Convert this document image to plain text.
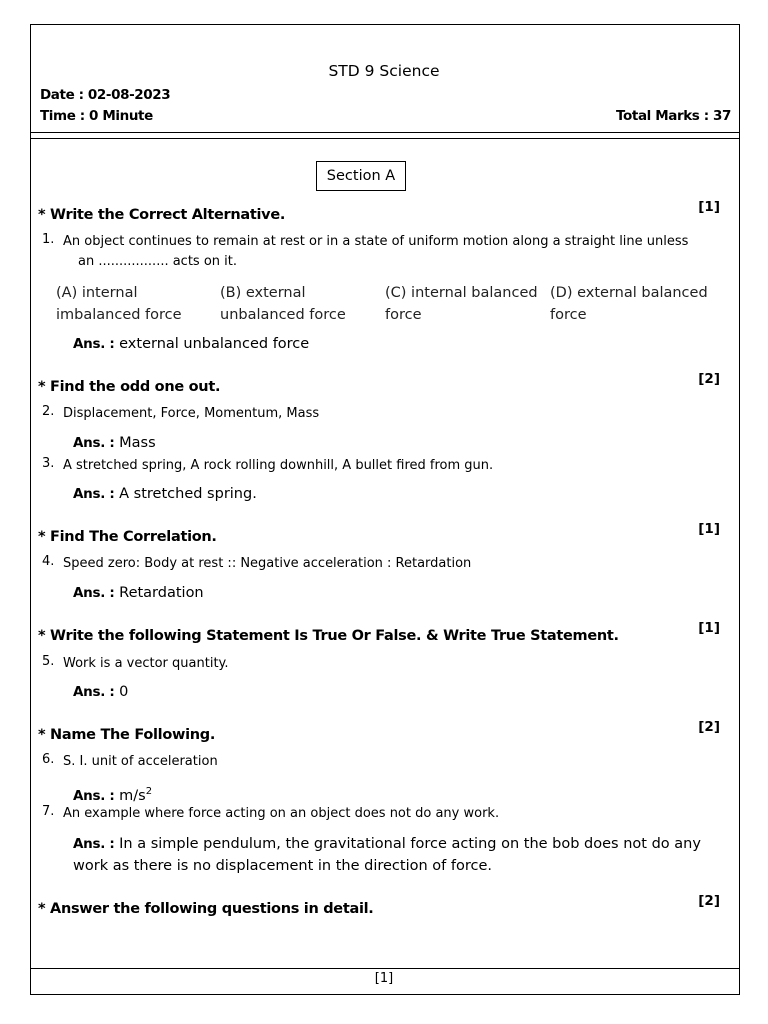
STD 9 Science
Date : 02-08-2023
Time : 0 Minute	Total Marks : 37
Section A
* Write the Correct Alternative.	[1]
1. An object continues to remain at rest or in a state of uniform motion along a straight line unless
an ................. acts on it.
(A) internal imbalanced force
(B) external unbalanced force
(C) internal balanced force
(D) external balanced force
Ans. : external unbalanced force
* Find the odd one out.	[2]
2. Displacement, Force, Momentum, Mass
Ans. : Mass
3. A stretched spring, A rock rolling downhill, A bullet fired from gun.
Ans. : A stretched spring.
* Find The Correlation.	[1]
4. Speed zero: Body at rest :: Negative acceleration : Retardation
Ans. : Retardation
* Write the following Statement Is True Or False. & Write True Statement.	[1]
5. Work is a vector quantity.
Ans. : 0
* Name The Following.	[2]
6. S. I. unit of acceleration
Ans. : $m/s^2$
7. An example where force acting on an object does not do any work.
Ans. : In a simple pendulum, the gravitational force acting on the bob does not do any
work as there is no displacement in the direction of force.
* Answer the following questions in detail.	[2]
[1]
